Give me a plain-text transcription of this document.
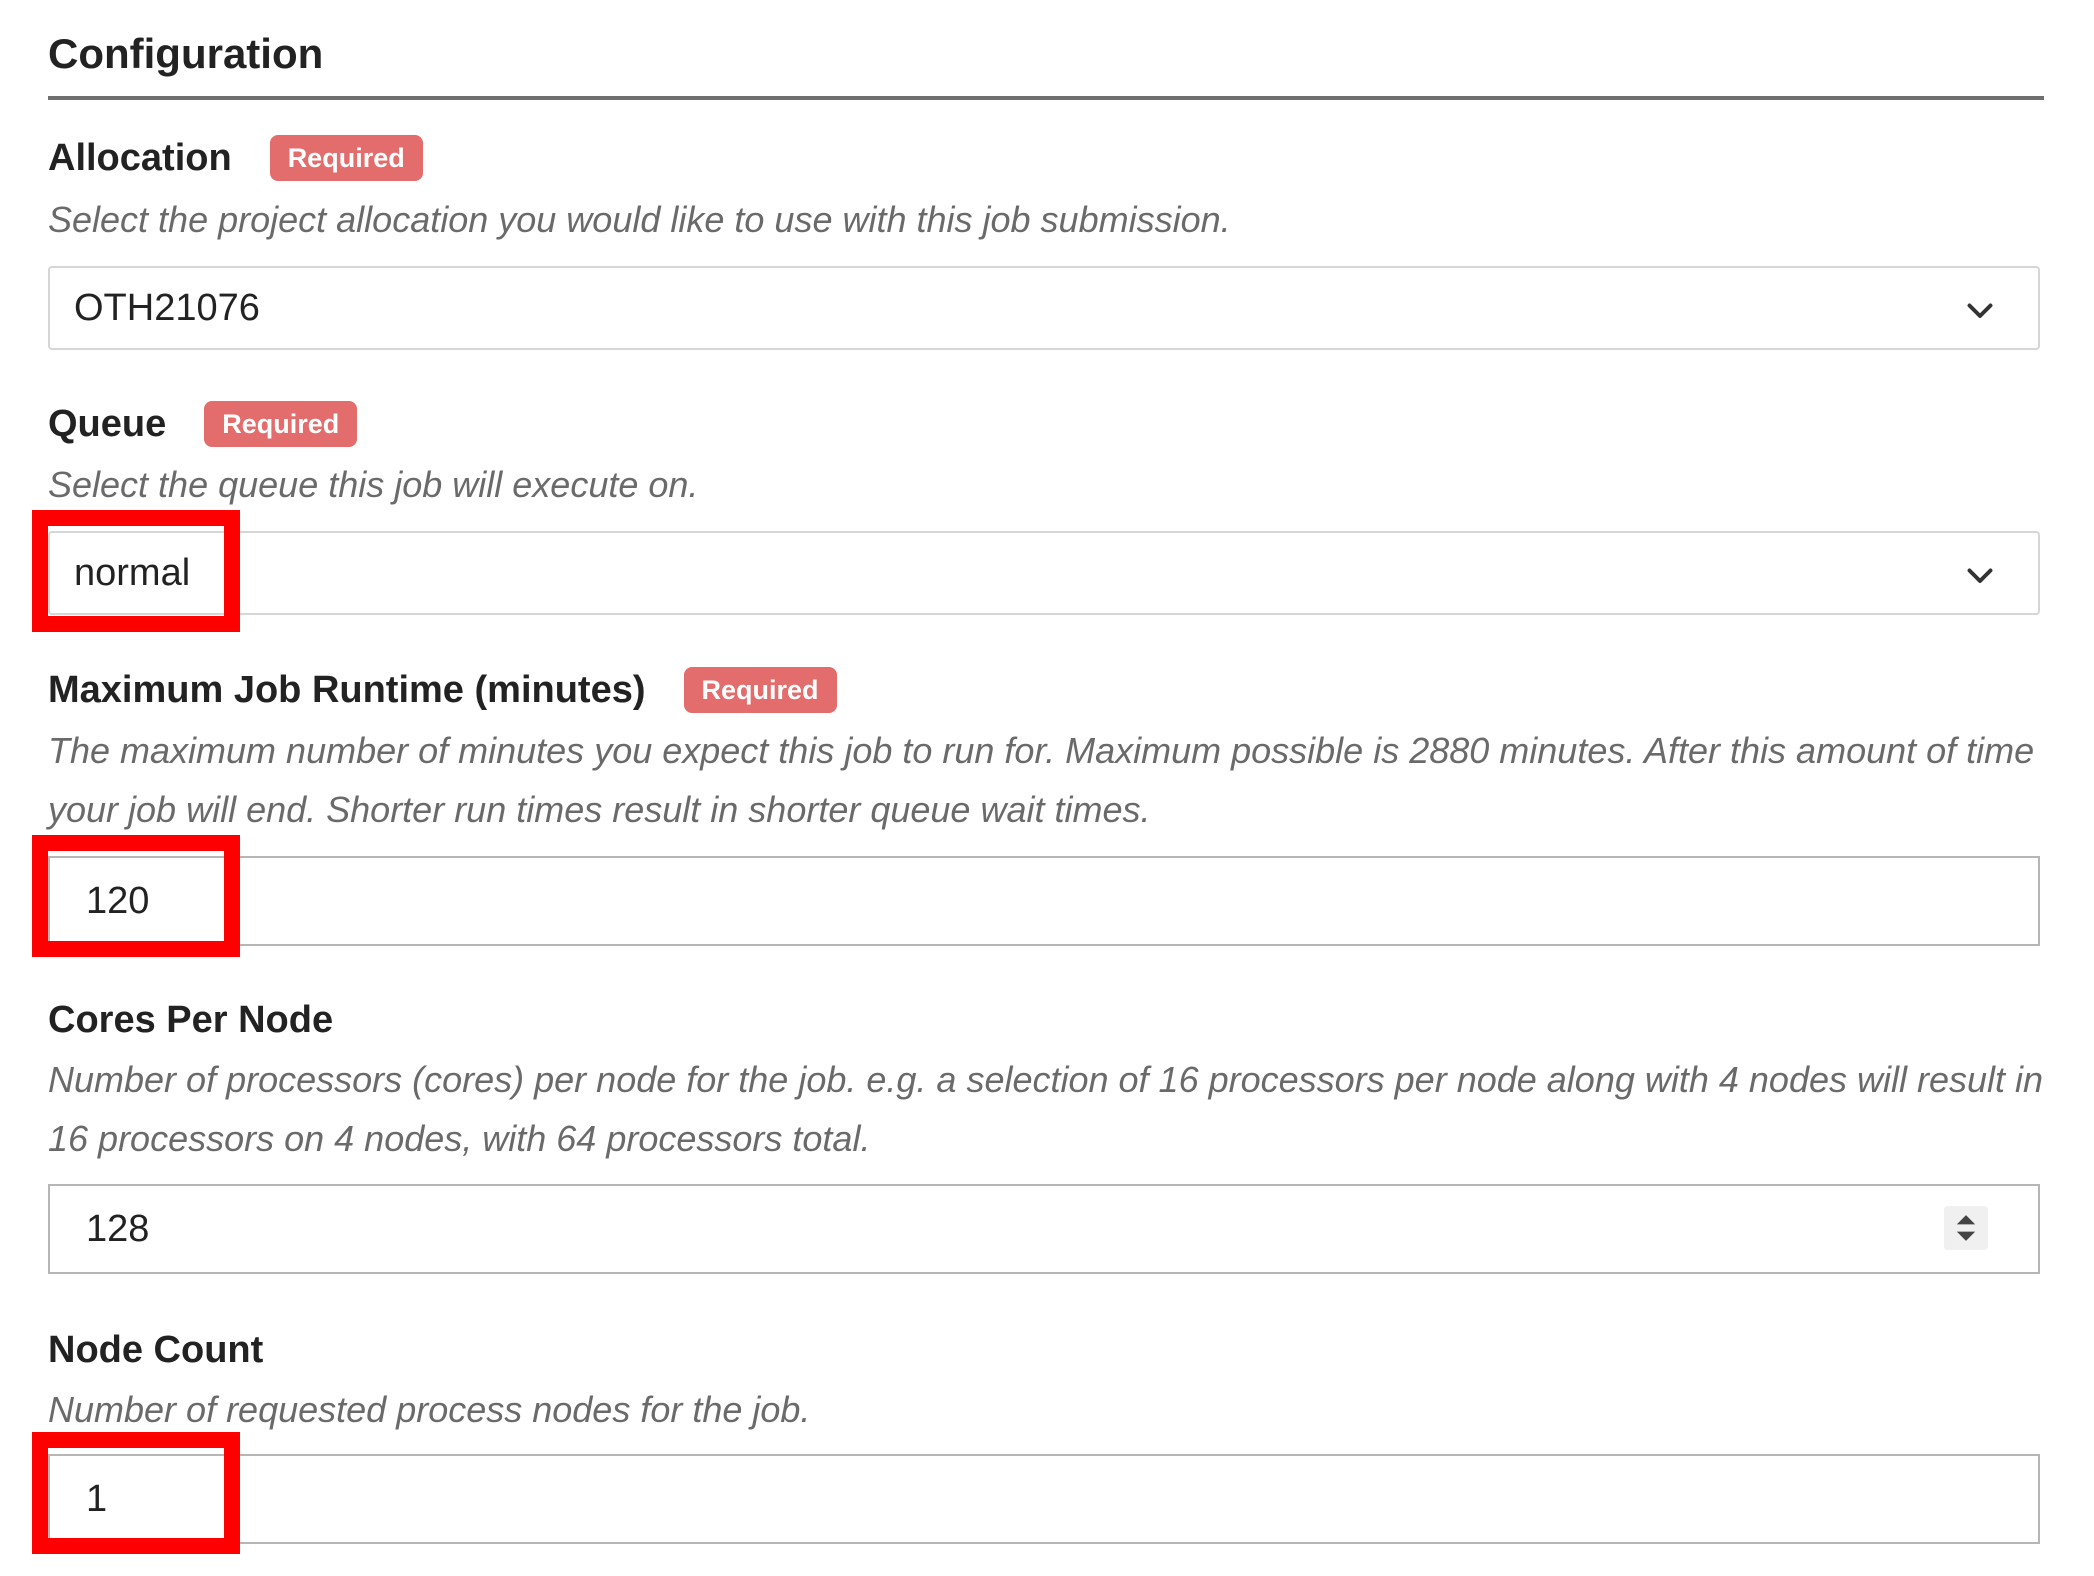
Configuration
Allocation	Required
Select the project allocation you would like to use with this job submission.
OTH21076
Queue	Required
Select the queue this job will execute on.
normal
Maximum Job Runtime (minutes)	Required
The maximum number of minutes you expect this job to run for. Maximum possible is 2880 minutes. After this amount of time your job will end. Shorter run times result in shorter queue wait times.
120
Cores Per Node
Number of processors (cores) per node for the job. e.g. a selection of 16 processors per node along with 4 nodes will result in 16 processors on 4 nodes, with 64 processors total.
128
Node Count
Number of requested process nodes for the job.
1
